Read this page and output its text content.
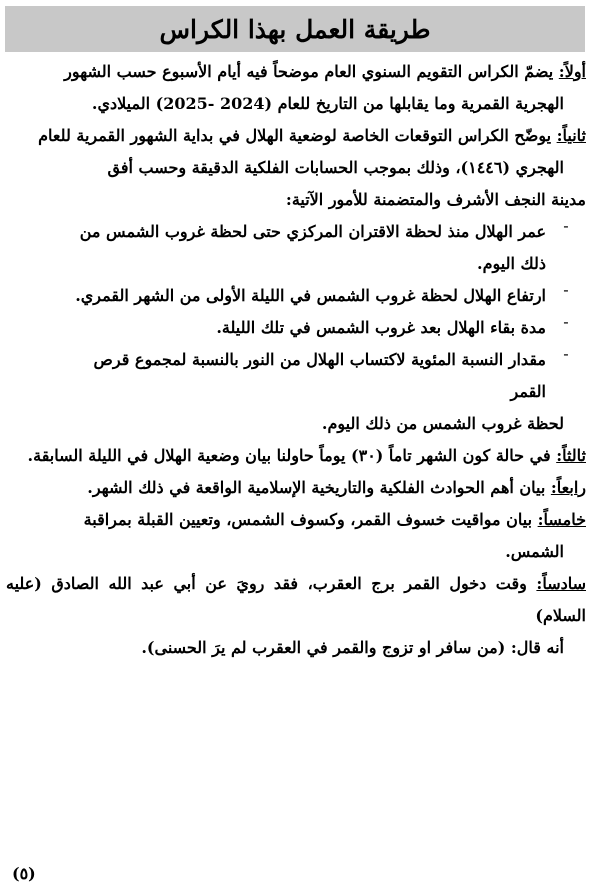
طريقة العمل بهذا الكراس

أولاً: يضمّ الكراس التقويم السنوي العام موضحاً فيه أيام الأسبوع حسب الشهور

الهجرية القمرية وما يقابلها من التاريخ للعام (2024 -2025) الميلادي.

ثانياً: يوضّح الكراس التوقعات الخاصة لوضعية الهلال في بداية الشهور القمرية للعام

الهجري (١٤٤٦)، وذلك بموجب الحسابات الفلكية الدقيقة وحسب أفق

مدينة النجف الأشرف والمتضمنة للأمور الآتية:

-

عمر الهلال منذ لحظة الاقتران المركزي حتى لحظة غروب الشمس من

ذلك اليوم.

-

ارتفاع الهلال لحظة غروب الشمس في الليلة الأولى من الشهر القمري.

-

مدة بقاء الهلال بعد غروب الشمس في تلك الليلة.

-

مقدار النسبة المئوية لاكتساب الهلال من النور بالنسبة لمجموع قرص

القمر

لحظة غروب الشمس من ذلك اليوم.

ثالثاً: في حالة كون الشهر تاماً (٣٠) يوماً حاولنا بيان وضعية الهلال في الليلة السابقة.

رابعاً: بيان أهم الحوادث الفلكية والتاريخية الإسلامية الواقعة في ذلك الشهر.

خامساً: بيان مواقيت خسوف القمر، وكسوف الشمس، وتعيين القبلة بمراقبة

الشمس.

سادساً: وقت دخول القمر برج العقرب، فقد رويَ عن أبي عبد الله الصادق (عليه السلام)

أنه قال: (من سافر او تزوج والقمر في العقرب لم يرَ الحسنى).

(٥)
